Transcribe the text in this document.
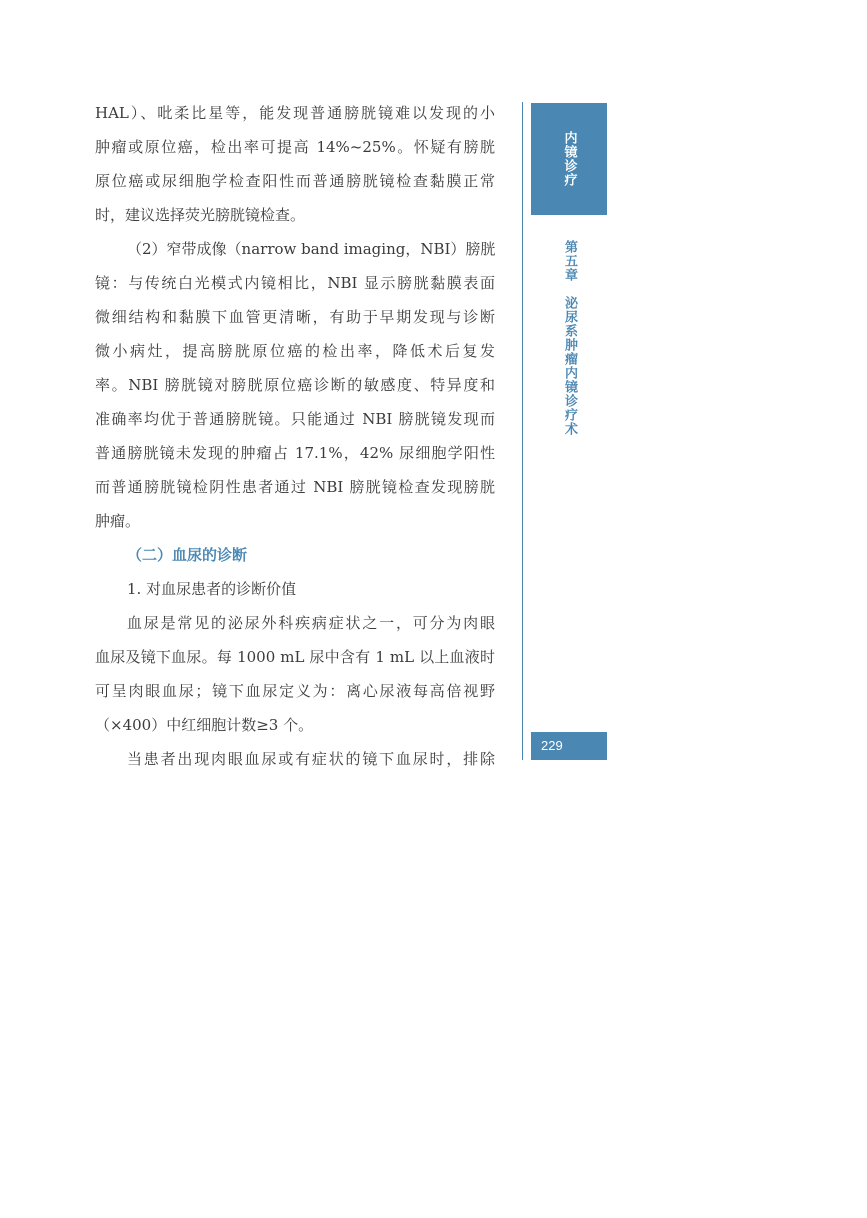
HAL）、吡柔比星等，能发现普通膀胱镜难以发现的小
肿瘤或原位癌，检出率可提高 14%~25%。怀疑有膀胱
原位癌或尿细胞学检查阳性而普通膀胱镜检查黏膜正常
时，建议选择荧光膀胱镜检查。
（2）窄带成像（narrow band imaging，NBI）膀胱
镜：与传统白光模式内镜相比，NBI 显示膀胱黏膜表面
微细结构和黏膜下血管更清晰，有助于早期发现与诊断
微小病灶，提高膀胱原位癌的检出率，降低术后复发
率。NBI 膀胱镜对膀胱原位癌诊断的敏感度、特异度和
准确率均优于普通膀胱镜。只能通过 NBI 膀胱镜发现而
普通膀胱镜未发现的肿瘤占 17.1%，42% 尿细胞学阳性
而普通膀胱镜检阴性患者通过 NBI 膀胱镜检查发现膀胱
肿瘤。
（二）血尿的诊断
1. 对血尿患者的诊断价值
血尿是常见的泌尿外科疾病症状之一，可分为肉眼
血尿及镜下血尿。每 1000 mL 尿中含有 1 mL 以上血液时
可呈肉眼血尿；镜下血尿定义为：离心尿液每高倍视野
（×400）中红细胞计数≥3 个。
当患者出现肉眼血尿或有症状的镜下血尿时，排除
内镜诊疗
第五章　泌尿系肿瘤内镜诊疗术
229
